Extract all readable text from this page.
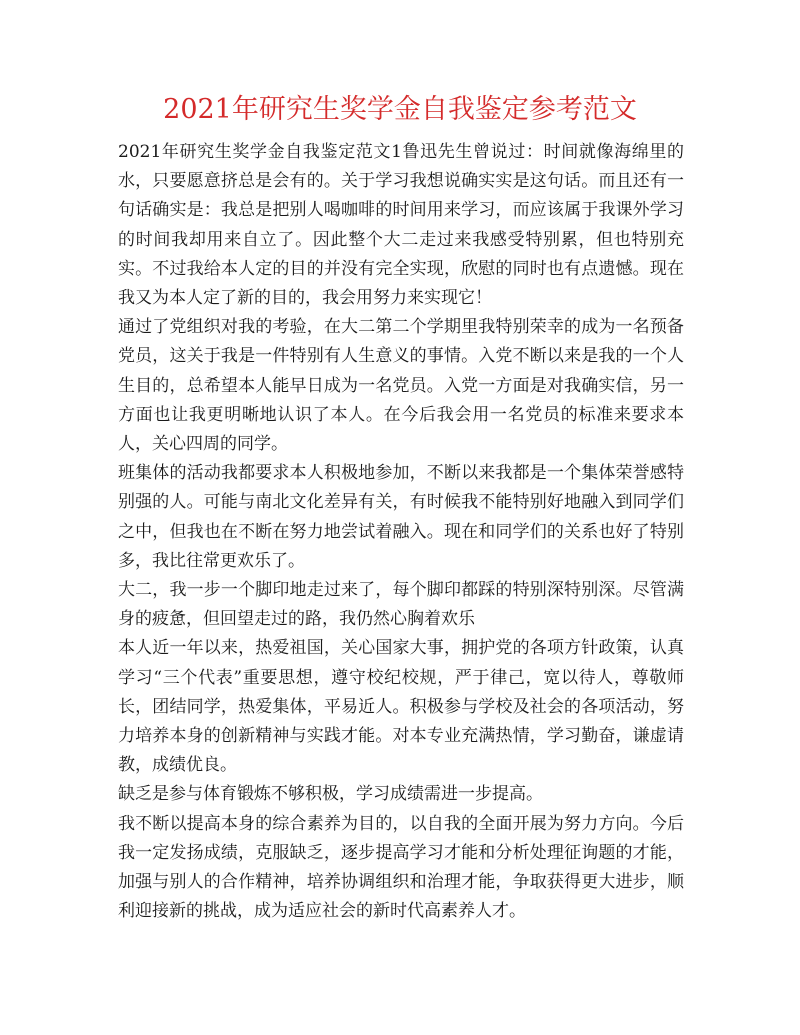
2021年研究生奖学金自我鉴定参考范文

2021年研究生奖学金自我鉴定范文1鲁迅先生曾说过：时间就像海绵里的水，只要愿意挤总是会有的。关于学习我想说确实实是这句话。而且还有一句话确实是：我总是把别人喝咖啡的时间用来学习，而应该属于我课外学习的时间我却用来自立了。因此整个大二走过来我感受特别累，但也特别充实。不过我给本人定的目的并没有完全实现，欣慰的同时也有点遗憾。现在我又为本人定了新的目的，我会用努力来实现它！

通过了党组织对我的考验，在大二第二个学期里我特别荣幸的成为一名预备党员，这关于我是一件特别有人生意义的事情。入党不断以来是我的一个人生目的，总希望本人能早日成为一名党员。入党一方面是对我确实信，另一方面也让我更明晰地认识了本人。在今后我会用一名党员的标准来要求本人，关心四周的同学。

班集体的活动我都要求本人积极地参加，不断以来我都是一个集体荣誉感特别强的人。可能与南北文化差异有关，有时候我不能特别好地融入到同学们之中，但我也在不断在努力地尝试着融入。现在和同学们的关系也好了特别多，我比往常更欢乐了。

大二，我一步一个脚印地走过来了，每个脚印都踩的特别深特别深。尽管满身的疲惫，但回望走过的路，我仍然心胸着欢乐

本人近一年以来，热爱祖国，关心国家大事，拥护党的各项方针政策，认真学习“三个代表”重要思想，遵守校纪校规，严于律己，宽以待人，尊敬师长，团结同学，热爱集体，平易近人。积极参与学校及社会的各项活动，努力培养本身的创新精神与实践才能。对本专业充满热情，学习勤奋，谦虚请教，成绩优良。

缺乏是参与体育锻炼不够积极，学习成绩需进一步提高。

我不断以提高本身的综合素养为目的，以自我的全面开展为努力方向。今后我一定发扬成绩，克服缺乏，逐步提高学习才能和分析处理征询题的才能，加强与别人的合作精神，培养协调组织和治理才能，争取获得更大进步，顺利迎接新的挑战，成为适应社会的新时代高素养人才。
